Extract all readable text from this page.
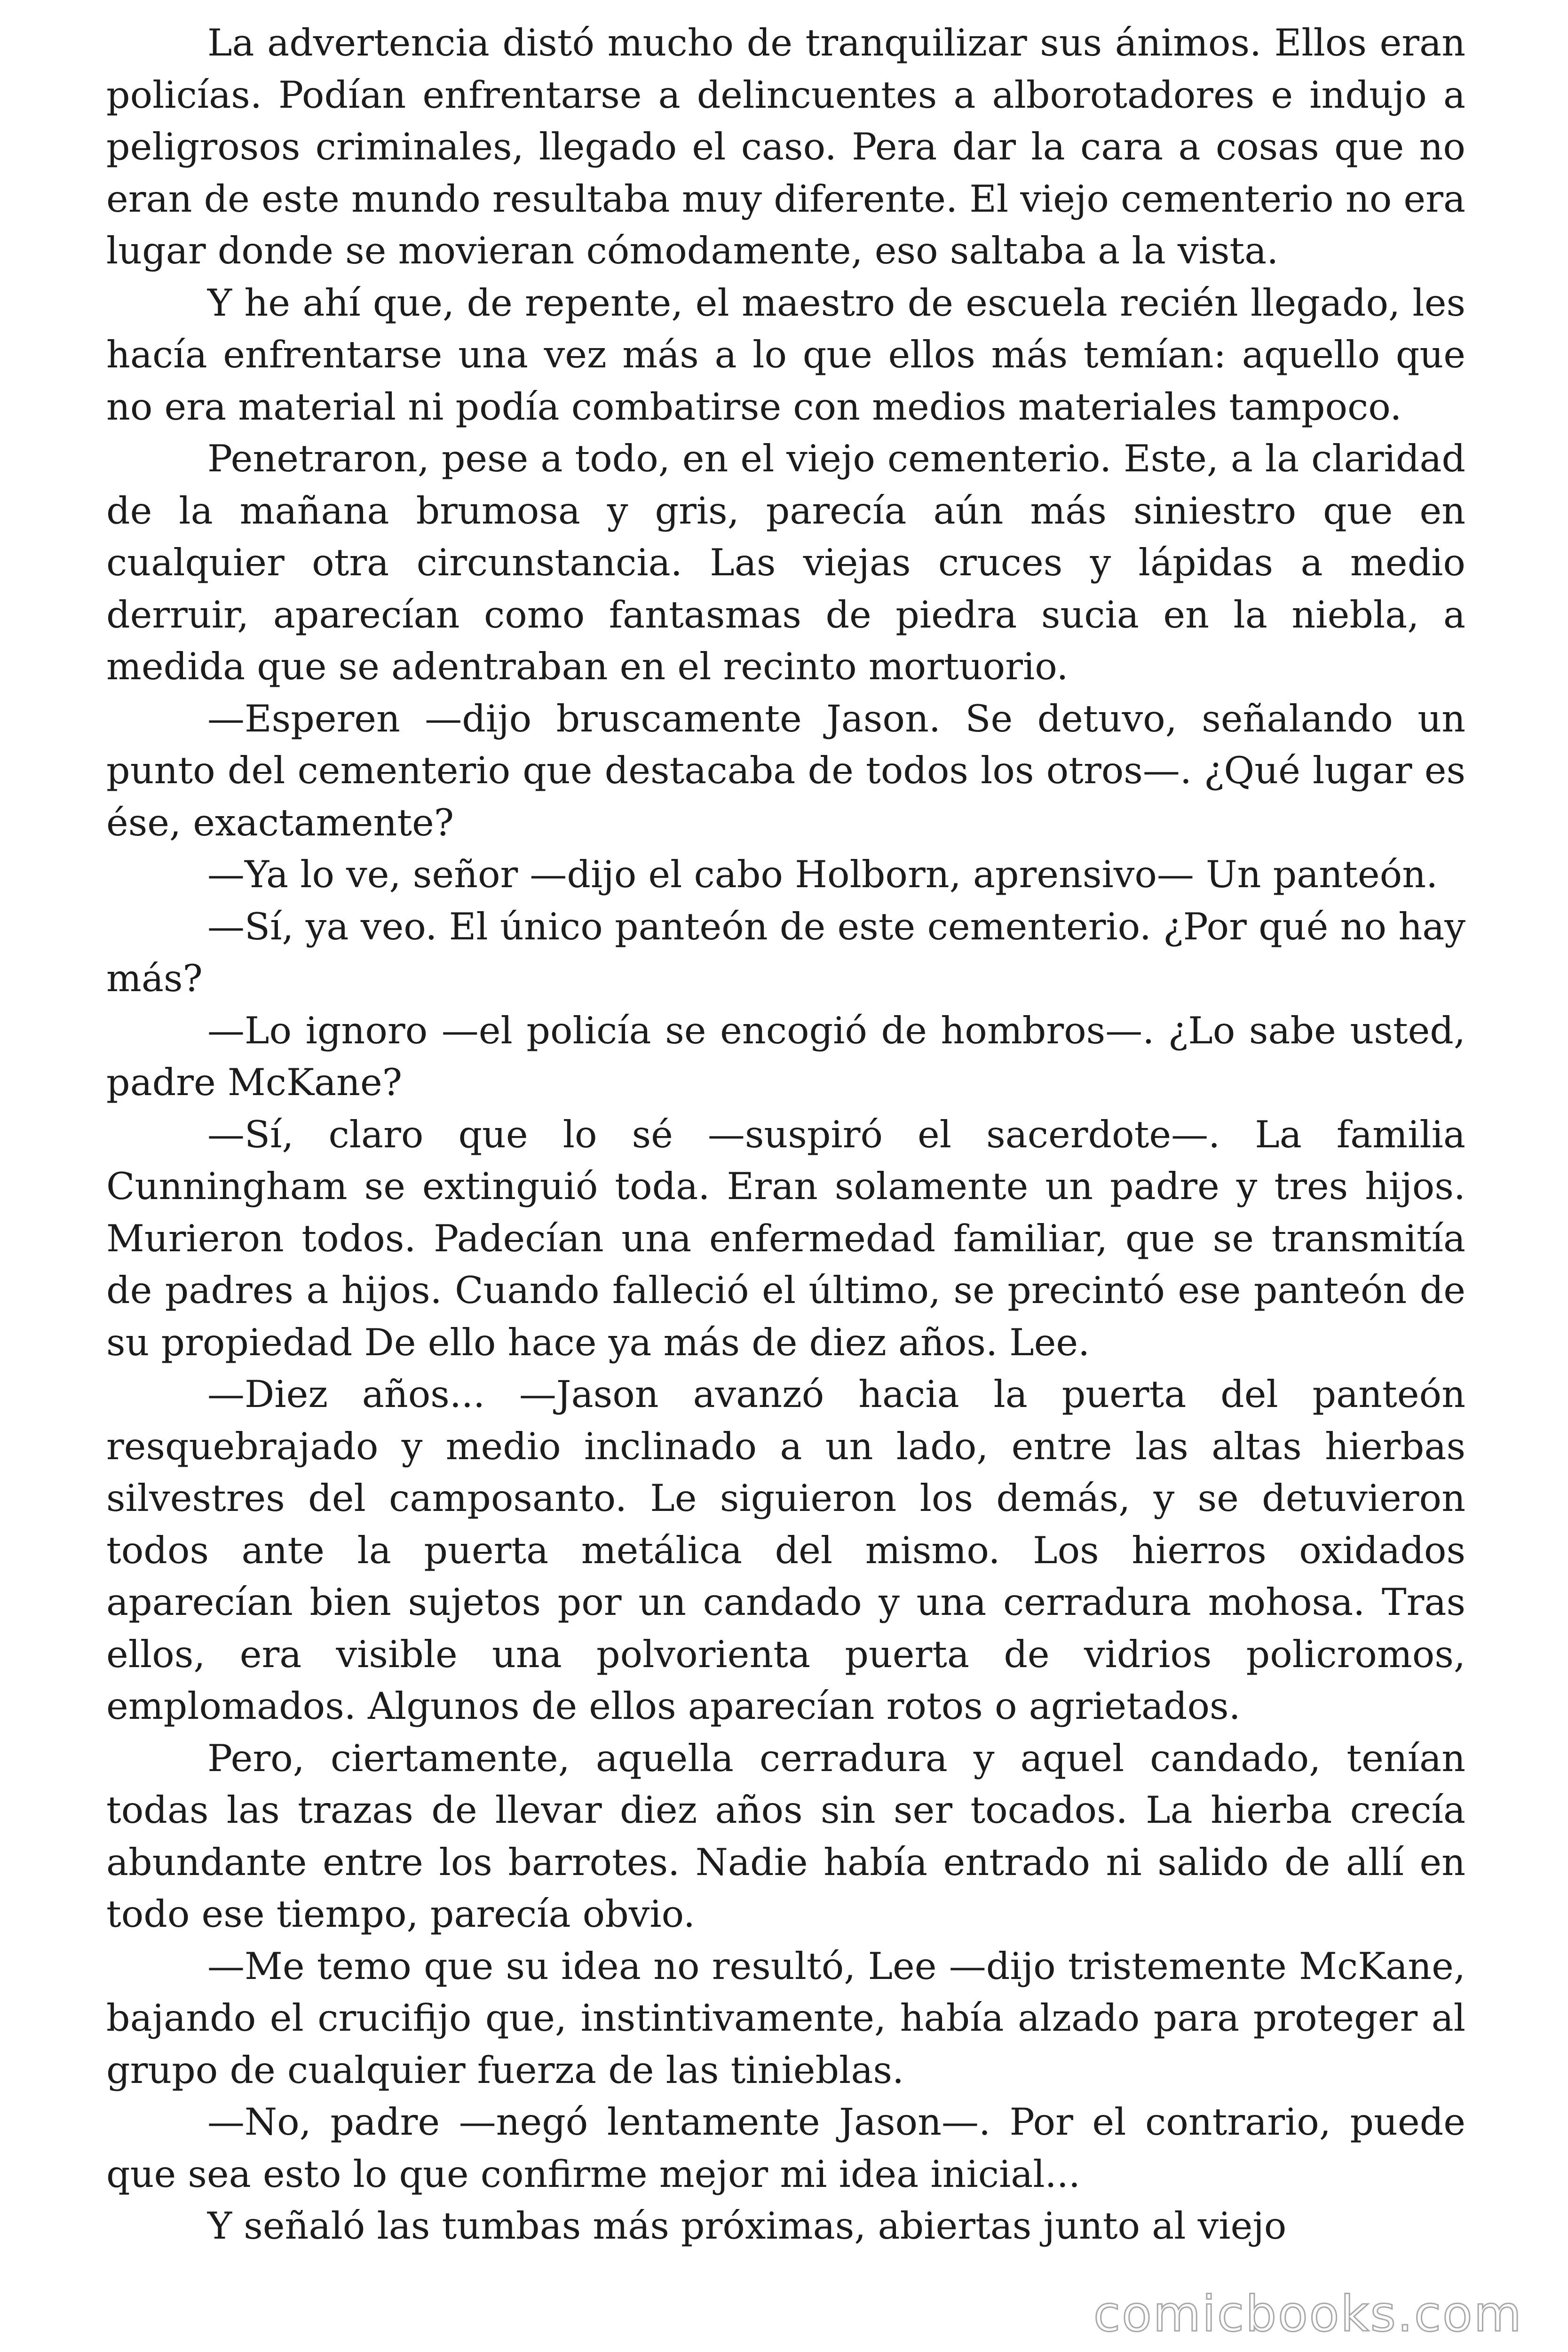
La advertencia distó mucho de tranquilizar sus ánimos. Ellos eran policías. Podían enfrentarse a delincuentes a alborotadores e indujo a peligrosos criminales, llegado el caso. Pera dar la cara a cosas que no eran de este mundo resultaba muy diferente. El viejo cementerio no era lugar donde se movieran cómodamente, eso saltaba a la vista.

Y he ahí que, de repente, el maestro de escuela recién llegado, les hacía enfrentarse una vez más a lo que ellos más temían: aquello que no era material ni podía combatirse con medios materiales tampoco.

Penetraron, pese a todo, en el viejo cementerio. Este, a la claridad de la mañana brumosa y gris, parecía aún más siniestro que en cualquier otra circunstancia. Las viejas cruces y lápidas a medio derruir, aparecían como fantasmas de piedra sucia en la niebla, a medida que se adentraban en el recinto mortuorio.

—Esperen —dijo bruscamente Jason. Se detuvo, señalando un punto del cementerio que destacaba de todos los otros—. ¿Qué lugar es ése, exactamente?

—Ya lo ve, señor —dijo el cabo Holborn, aprensivo— Un panteón.

—Sí, ya veo. El único panteón de este cementerio. ¿Por qué no hay más?

—Lo ignoro —el policía se encogió de hombros—. ¿Lo sabe usted, padre McKane?

—Sí, claro que lo sé —suspiró el sacerdote—. La familia Cunningham se extinguió toda. Eran solamente un padre y tres hijos. Murieron todos. Padecían una enfermedad familiar, que se transmitía de padres a hijos. Cuando falleció el último, se precintó ese panteón de su propiedad De ello hace ya más de diez años. Lee.

—Diez años... —Jason avanzó hacia la puerta del panteón resquebrajado y medio inclinado a un lado, entre las altas hierbas silvestres del camposanto. Le siguieron los demás, y se detuvieron todos ante la puerta metálica del mismo. Los hierros oxidados aparecían bien sujetos por un candado y una cerradura mohosa. Tras ellos, era visible una polvorienta puerta de vidrios policromos, emplomados. Algunos de ellos aparecían rotos o agrietados.

Pero, ciertamente, aquella cerradura y aquel candado, tenían todas las trazas de llevar diez años sin ser tocados. La hierba crecía abundante entre los barrotes. Nadie había entrado ni salido de allí en todo ese tiempo, parecía obvio.

—Me temo que su idea no resultó, Lee —dijo tristemente McKane, bajando el crucifijo que, instintivamente, había alzado para proteger al grupo de cualquier fuerza de las tinieblas.

—No, padre —negó lentamente Jason—. Por el contrario, puede que sea esto lo que confirme mejor mi idea inicial...

Y señaló las tumbas más próximas, abiertas junto al viejo

comicbooks.com
